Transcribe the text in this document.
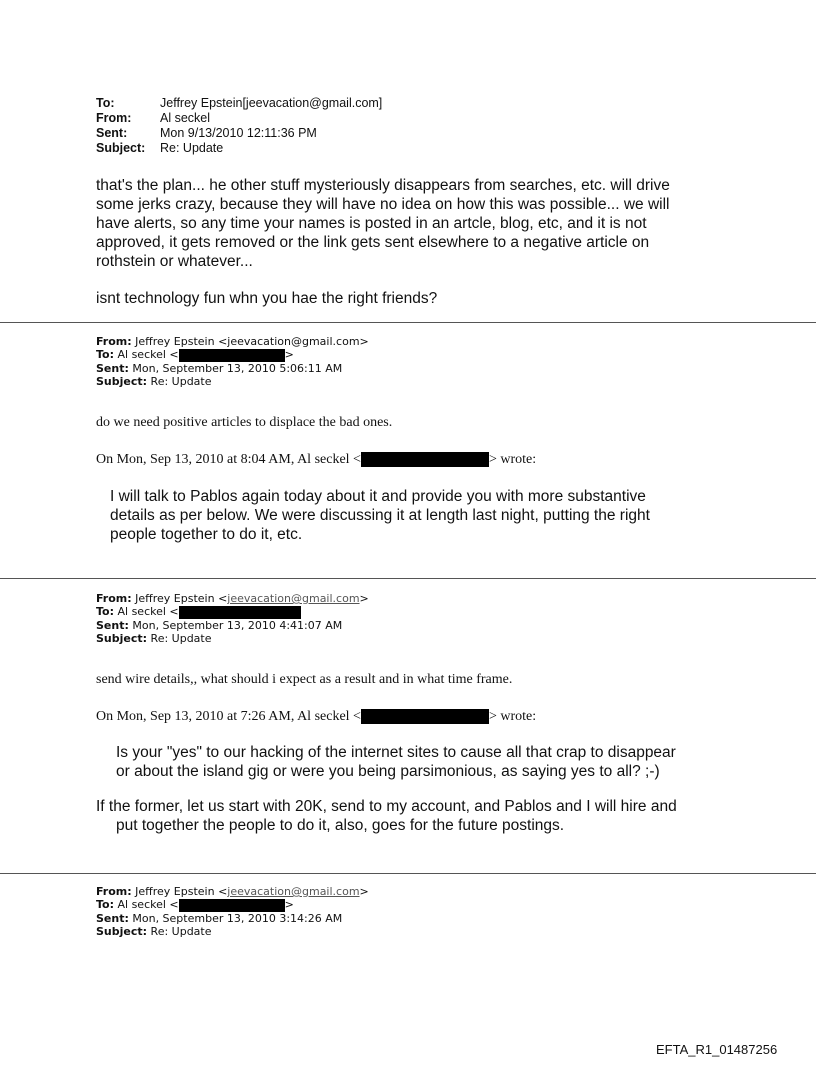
To:	Jeffrey Epstein[jeevacation@gmail.com]
From: Al seckel
Sent:	Mon 9/13/2010 12:11:36 PM
Subject: Re: Update

that's the plan... he other stuff mysteriously disappears from searches, etc. will drive

some jerks crazy, because they will have no idea on how this was possible... we will

have alerts, so any time your names is posted in an artcle, blog, etc, and it is not

approved, it gets removed or the link gets sent elsewhere to a negative article on

rothstein or whatever...

isnt technology fun whn you hae the right friends?
From: Jeffrey Epstein <jeevacation@gmail.com>
To: Al seckel <	>
Sent: Mon, September 13, 2010 5:06:11 AM
Subject: Re: Update
do we need positive articles to displace the bad ones.
On Mon, Sep 13, 2010 at 8:04 AM, Al seckel <	> wrote:

I will talk to Pablos again today about it and provide you with more substantive

details as per below. We were discussing it at length last night, putting the right

people together to do it, etc.

From: Jeffrey Epstein <jeevacation@gmail.com>
To: Al seckel <
Sent: Mon, September 13, 2010 4:41:07 AM
Subject: Re: Update
send wire details,, what should i expect as a result and in what time frame.
On Mon, Sep 13, 2010 at 7:26 AM, Al seckel <	> wrote:

Is your "yes" to our hacking of the internet sites to cause all that crap to disappear

or about the island gig or were you being parsimonious, as saying yes to all? ;-)

If the former, let us start with 20K, send to my account, and Pablos and I will hire and

put together the people to do it, also, goes for the future postings.

From: Jeffrey Epstein <jeevacation@gmail.com>
To: Al seckel <	>
Sent: Mon, September 13, 2010 3:14:26 AM
Subject: Re: Update
EFTA_R1_01487256
